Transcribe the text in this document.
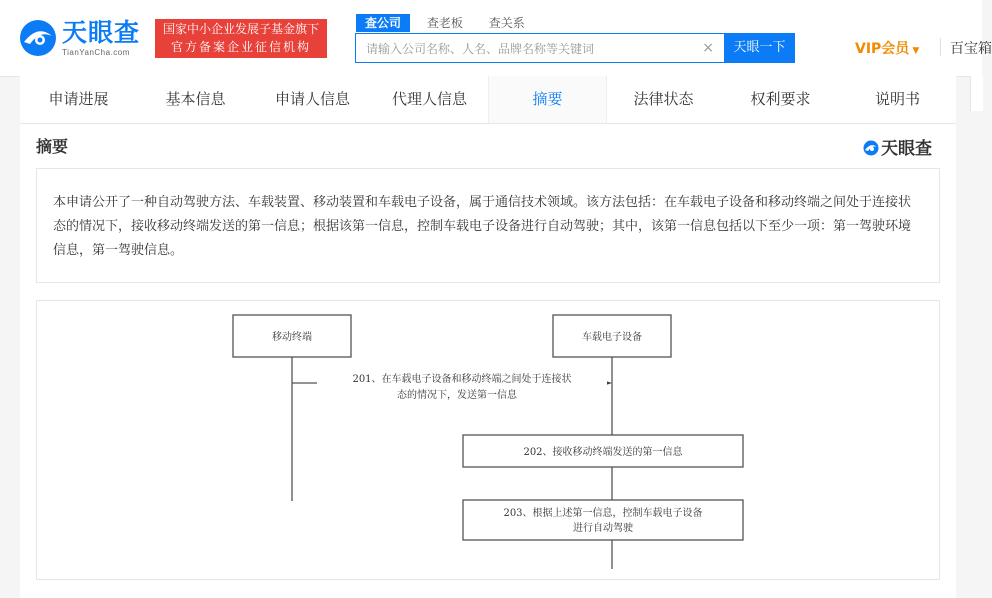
天眼查
TianYanCha.com
国家中小企业发展子基金旗下
官方备案企业征信机构
查公司 查老板 查关系
请输入公司名称、人名、品牌名称等关键词
×	天眼一下	VIP会员 ▼ 百宝箱
申请进展	基本信息	申请人信息	代理人信息	摘要	法律状态	权利要求	说明书
摘要	天眼查
本申请公开了一种自动驾驶方法、车载装置、移动装置和车载电子设备，属于通信技术领域。该方法包括：在车载电子设备和移动终端之间处于连接状态的情况下，接收移动终端发送的第一信息；根据该第一信息，控制车载电子设备进行自动驾驶；其中，该第一信息包括以下至少一项：第一驾驶环境信息，第一驾驶信息。
移动终端	车载电子设备
201、在车载电子设备和移动终端之间处于连接状
态的情况下，发送第一信息
202、接收移动终端发送的第一信息
203、根据上述第一信息，控制车载电子设备
进行自动驾驶
